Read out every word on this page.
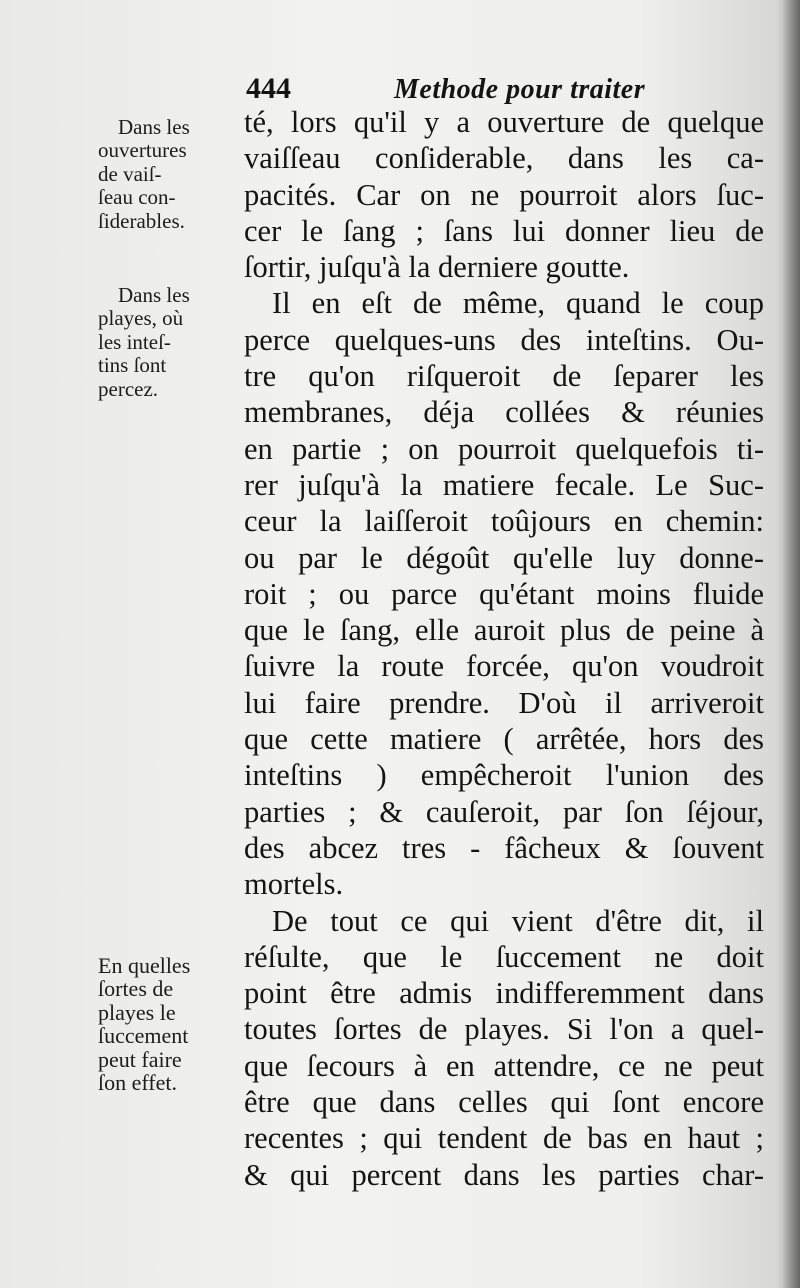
444	Methode pour traiter
Dans les
ouvertures
de vaiſ-
ſeau con-
ſiderables.
Dans les
playes, où
les inteſ-
tins ſont
percez.
En quelles
ſortes de
playes le
ſuccement
peut faire
ſon effet.
té, lors qu'il y a ouverture de quelque
vaiſſeau conſiderable, dans les ca-
pacités. Car on ne pourroit alors ſuc-
cer le ſang ; ſans lui donner lieu de
ſortir, juſqu'à la derniere goutte.
Il en eſt de même, quand le coup
perce quelques-uns des inteſtins. Ou-
tre qu'on riſqueroit de ſeparer les
membranes, déja collées & réunies
en partie ; on pourroit quelquefois ti-
rer juſqu'à la matiere fecale. Le Suc-
ceur la laiſſeroit toûjours en chemin:
ou par le dégoût qu'elle luy donne-
roit ; ou parce qu'étant moins fluide
que le ſang, elle auroit plus de peine à
ſuivre la route forcée, qu'on voudroit
lui faire prendre. D'où il arriveroit
que cette matiere ( arrêtée, hors des
inteſtins ) empêcheroit l'union des
parties ; & cauſeroit, par ſon ſéjour,
des abcez tres - fâcheux & ſouvent
mortels.
De tout ce qui vient d'être dit, il
réſulte, que le ſuccement ne doit
point être admis indifferemment dans
toutes ſortes de playes. Si l'on a quel-
que ſecours à en attendre, ce ne peut
être que dans celles qui ſont encore
recentes ; qui tendent de bas en haut ;
& qui percent dans les parties char-
